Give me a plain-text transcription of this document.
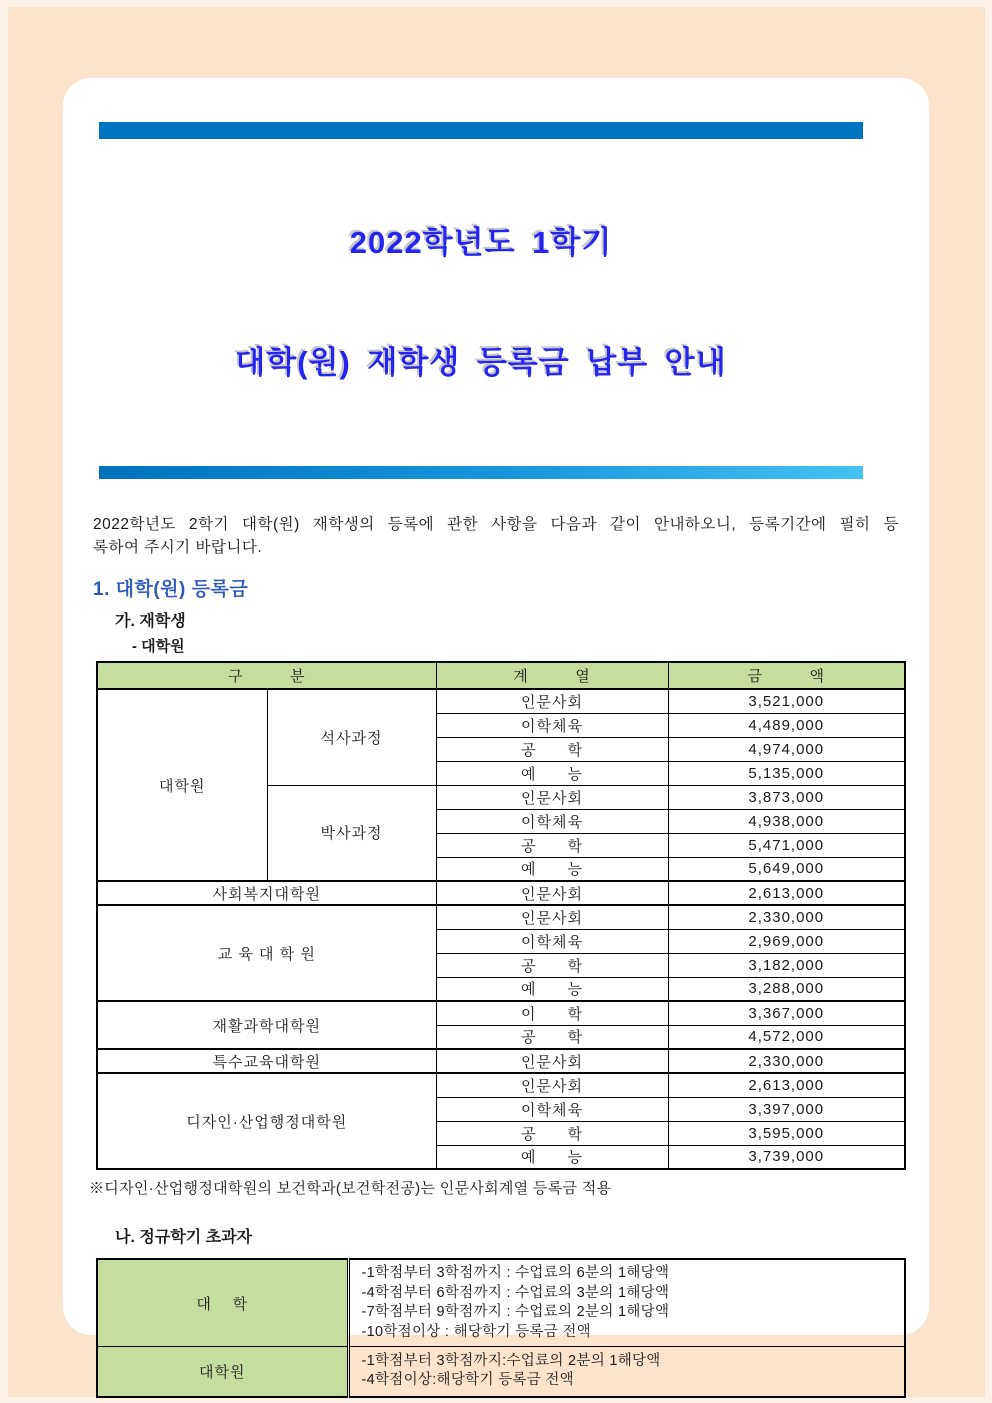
2022학년도 1학기

대학(원) 재학생 등록금 납부 안내

2022학년도 2학기 대학(원) 재학생의 등록에 관한 사항을 다음과 같이 안내하오니, 등록기간에 필히 등
록하여 주시기 바랍니다.

1. 대학(원) 등록금
가. 재학생
- 대학원
구         분		계         열	금         액
대학원	석사과정	인문사회	3,521,000
		이학체육	4,489,000
		공      학	4,974,000
		예      능	5,135,000
	박사과정	인문사회	3,873,000
		이학체육	4,938,000
		공      학	5,471,000
		예      능	5,649,000
사회복지대학원		인문사회	2,613,000
교 육 대 학 원		인문사회	2,330,000
		이학체육	2,969,000
		공      학	3,182,000
		예      능	3,288,000
재활과학대학원		이      학	3,367,000
		공      학	4,572,000
특수교육대학원		인문사회	2,330,000
디자인·산업행정대학원		인문사회	2,613,000
		이학체육	3,397,000
		공      학	3,595,000
		예      능	3,739,000
※디자인·산업행정대학원의 보건학과(보건학전공)는 인문사회계열 등록금 적용
나. 정규학기 초과자
대    학	-1학점부터 3학점까지 : 수업료의 6분의 1해당액
-4학점부터 6학점까지 : 수업료의 3분의 1해당액
-7학점부터 9학점까지 : 수업료의 2분의 1해당액
-10학점이상 : 해당학기 등록금 전액

대학원	-1학점부터 3학점까지:수업료의 2분의 1해당액
-4학점이상:해당학기 등록금 전액
